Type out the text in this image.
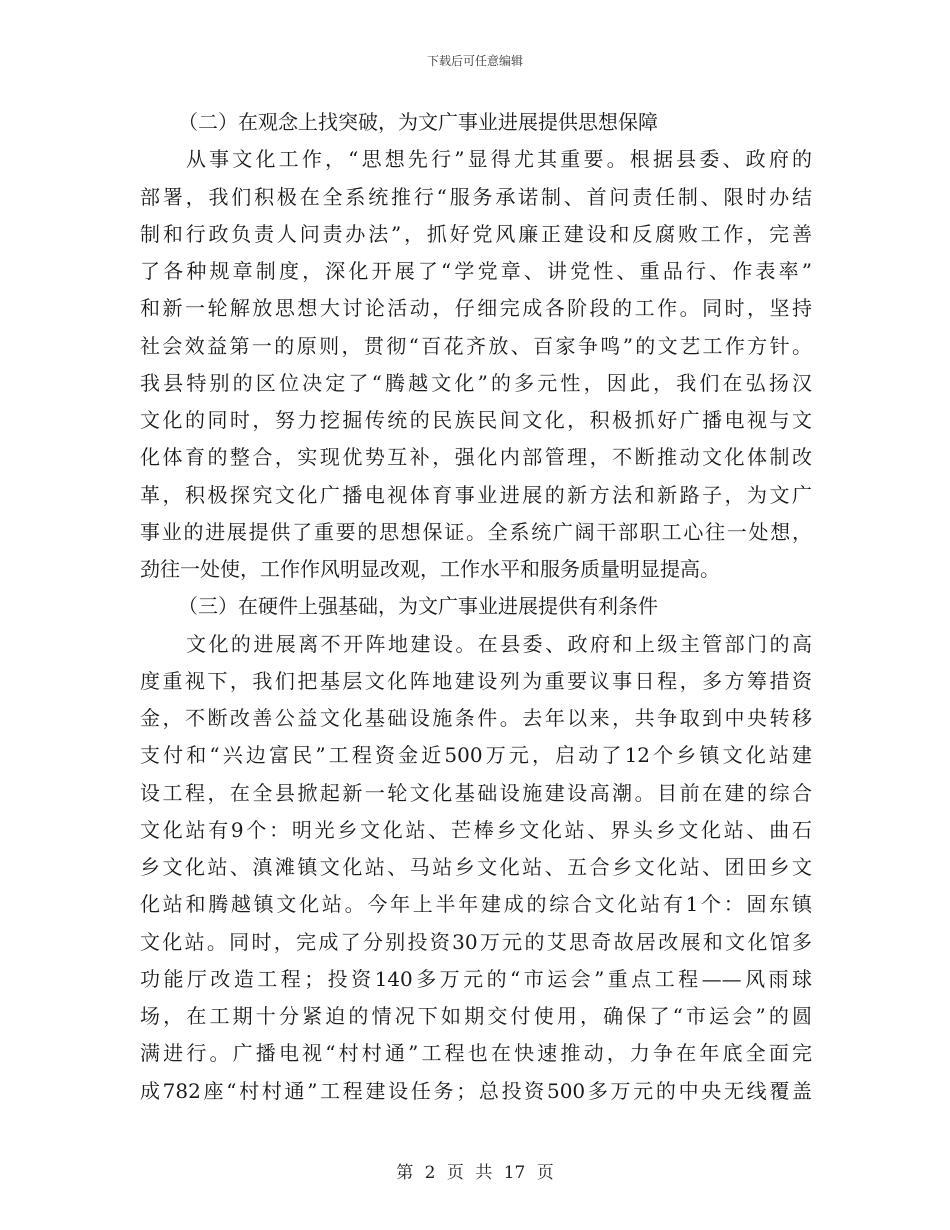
下载后可任意编辑
（二）在观念上找突破，为文广事业进展提供思想保障
从事文化工作，“思想先行”显得尤其重要。根据县委、政府的
部署，我们积极在全系统推行“服务承诺制、首问责任制、限时办结
制和行政负责人问责办法”，抓好党风廉正建设和反腐败工作，完善
了各种规章制度，深化开展了“学党章、讲党性、重品行、作表率”
和新一轮解放思想大讨论活动，仔细完成各阶段的工作。同时，坚持
社会效益第一的原则，贯彻“百花齐放、百家争鸣”的文艺工作方针。
我县特别的区位决定了“腾越文化”的多元性，因此，我们在弘扬汉
文化的同时，努力挖掘传统的民族民间文化，积极抓好广播电视与文
化体育的整合，实现优势互补，强化内部管理，不断推动文化体制改
革，积极探究文化广播电视体育事业进展的新方法和新路子，为文广
事业的进展提供了重要的思想保证。全系统广阔干部职工心往一处想，
劲往一处使，工作作风明显改观，工作水平和服务质量明显提高。
（三）在硬件上强基础，为文广事业进展提供有利条件
文化的进展离不开阵地建设。在县委、政府和上级主管部门的高
度重视下，我们把基层文化阵地建设列为重要议事日程，多方筹措资
金，不断改善公益文化基础设施条件。去年以来，共争取到中央转移
支付和“兴边富民”工程资金近500万元，启动了12个乡镇文化站建
设工程，在全县掀起新一轮文化基础设施建设高潮。目前在建的综合
文化站有9个：明光乡文化站、芒棒乡文化站、界头乡文化站、曲石
乡文化站、滇滩镇文化站、马站乡文化站、五合乡文化站、团田乡文
化站和腾越镇文化站。今年上半年建成的综合文化站有1个：固东镇
文化站。同时，完成了分别投资30万元的艾思奇故居改展和文化馆多
功能厅改造工程；投资140多万元的“市运会”重点工程——风雨球
场，在工期十分紧迫的情况下如期交付使用，确保了“市运会”的圆
满进行。广播电视“村村通”工程也在快速推动，力争在年底全面完
成782座“村村通”工程建设任务；总投资500多万元的中央无线覆盖
第 2 页 共 17 页
